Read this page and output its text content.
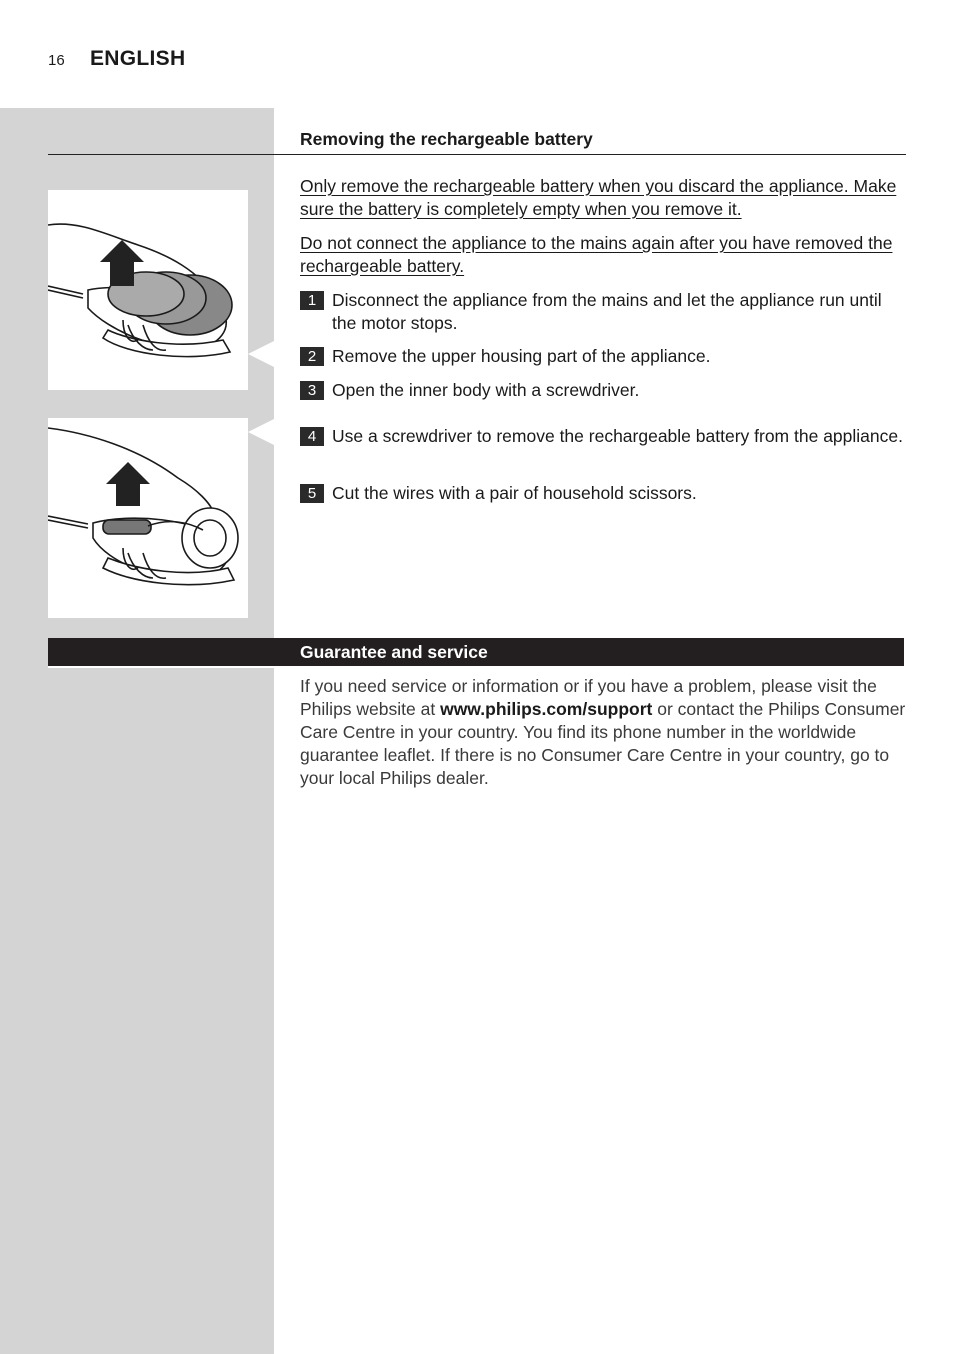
16 ENGLISH
Removing the rechargeable battery
Only remove the rechargeable battery when you discard the appliance. Make sure the battery is completely empty when you remove it.
Do not connect the appliance to the mains again after you have removed the rechargeable battery.
1 Disconnect the appliance from the mains and let the appliance run until the motor stops.
2 Remove the upper housing part of the appliance.
3 Open the inner body with a screwdriver.
4 Use a screwdriver to remove the rechargeable battery from the appliance.
5 Cut the wires with a pair of household scissors.
Guarantee and service
If you need service or information or if you have a problem, please visit the Philips website at www.philips.com/support or contact the Philips Consumer Care Centre in your country. You find its phone number in the worldwide guarantee leaflet. If there is no Consumer Care Centre in your country, go to your local Philips dealer.
